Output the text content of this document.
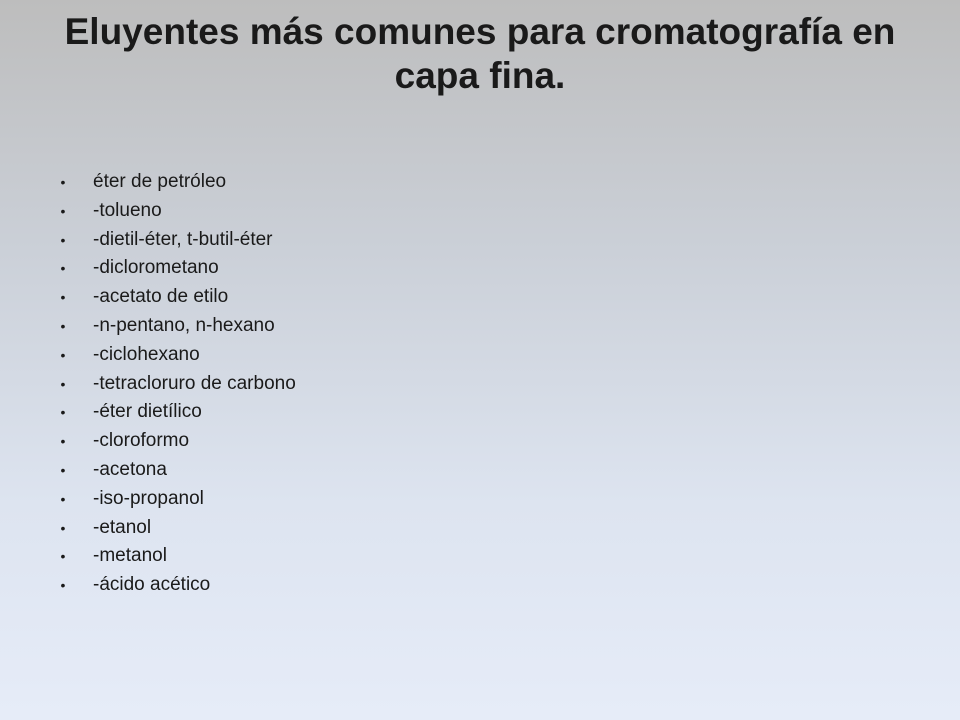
Eluyentes más comunes para cromatografía en capa fina.
• éter de petróleo
• -tolueno
• -dietil-éter, t-butil-éter
• -diclorometano
• -acetato de etilo
• -n-pentano, n-hexano
• -ciclohexano
• -tetracloruro de carbono
• -éter dietílico
• -cloroformo
• -acetona
• -iso-propanol
• -etanol
• -metanol
• -ácido acético
